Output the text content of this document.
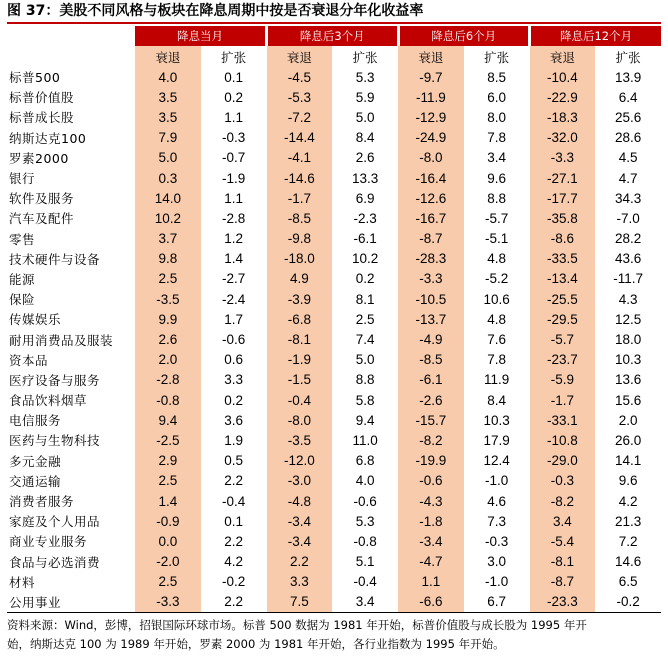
图 37：美股不同风格与板块在降息周期中按是否衰退分年化收益率
	降息当月		降息后3个月		降息后6个月		降息后12个月	
	衰退	扩张	衰退	扩张	衰退	扩张	衰退	扩张
标普500	4.0	0.1	-4.5	5.3	-9.7	8.5	-10.4	13.9
标普价值股	3.5	0.2	-5.3	5.9	-11.9	6.0	-22.9	6.4
标普成长股	3.5	1.1	-7.2	5.0	-12.9	8.0	-18.3	25.6
纳斯达克100	7.9	-0.3	-14.4	8.4	-24.9	7.8	-32.0	28.6
罗素2000	5.0	-0.7	-4.1	2.6	-8.0	3.4	-3.3	4.5
银行	0.3	-1.9	-14.6	13.3	-16.4	9.6	-27.1	4.7
软件及服务	14.0	1.1	-1.7	6.9	-12.6	8.8	-17.7	34.3
汽车及配件	10.2	-2.8	-8.5	-2.3	-16.7	-5.7	-35.8	-7.0
零售	3.7	1.2	-9.8	-6.1	-8.7	-5.1	-8.6	28.2
技术硬件与设备	9.8	1.4	-18.0	10.2	-28.3	4.8	-33.5	43.6
能源	2.5	-2.7	4.9	0.2	-3.3	-5.2	-13.4	-11.7
保险	-3.5	-2.4	-3.9	8.1	-10.5	10.6	-25.5	4.3
传媒娱乐	9.9	1.7	-6.8	2.5	-13.7	4.8	-29.5	12.5
耐用消费品及服装	2.6	-0.6	-8.1	7.4	-4.9	7.6	-5.7	18.0
资本品	2.0	0.6	-1.9	5.0	-8.5	7.8	-23.7	10.3
医疗设备与服务	-2.8	3.3	-1.5	8.8	-6.1	11.9	-5.9	13.6
食品饮料烟草	-0.8	0.2	-0.4	5.8	-2.6	8.4	-1.7	15.6
电信服务	9.4	3.6	-8.0	9.4	-15.7	10.3	-33.1	2.0
医药与生物科技	-2.5	1.9	-3.5	11.0	-8.2	17.9	-10.8	26.0
多元金融	2.9	0.5	-12.0	6.8	-19.9	12.4	-29.0	14.1
交通运输	2.5	2.2	-3.0	4.0	-0.6	-1.0	-0.3	9.6
消费者服务	1.4	-0.4	-4.8	-0.6	-4.3	4.6	-8.2	4.2
家庭及个人用品	-0.9	0.1	-3.4	5.3	-1.8	7.3	3.4	21.3
商业专业服务	0.0	2.2	-3.4	-0.8	-3.4	-0.3	-5.4	7.2
食品与必选消费	-2.0	4.2	2.2	5.1	-4.7	3.0	-8.1	14.6
材料	2.5	-0.2	3.3	-0.4	1.1	-1.0	-8.7	6.5
公用事业	-3.3	2.2	7.5	3.4	-6.6	6.7	-23.3	-0.2
资料来源：Wind，彭博，招银国际环球市场。标普 500 数据为 1981 年开始，标普价值股与成长股为 1995 年开
始，纳斯达克 100 为 1989 年开始，罗素 2000 为 1981 年开始，各行业指数为 1995 年开始。
